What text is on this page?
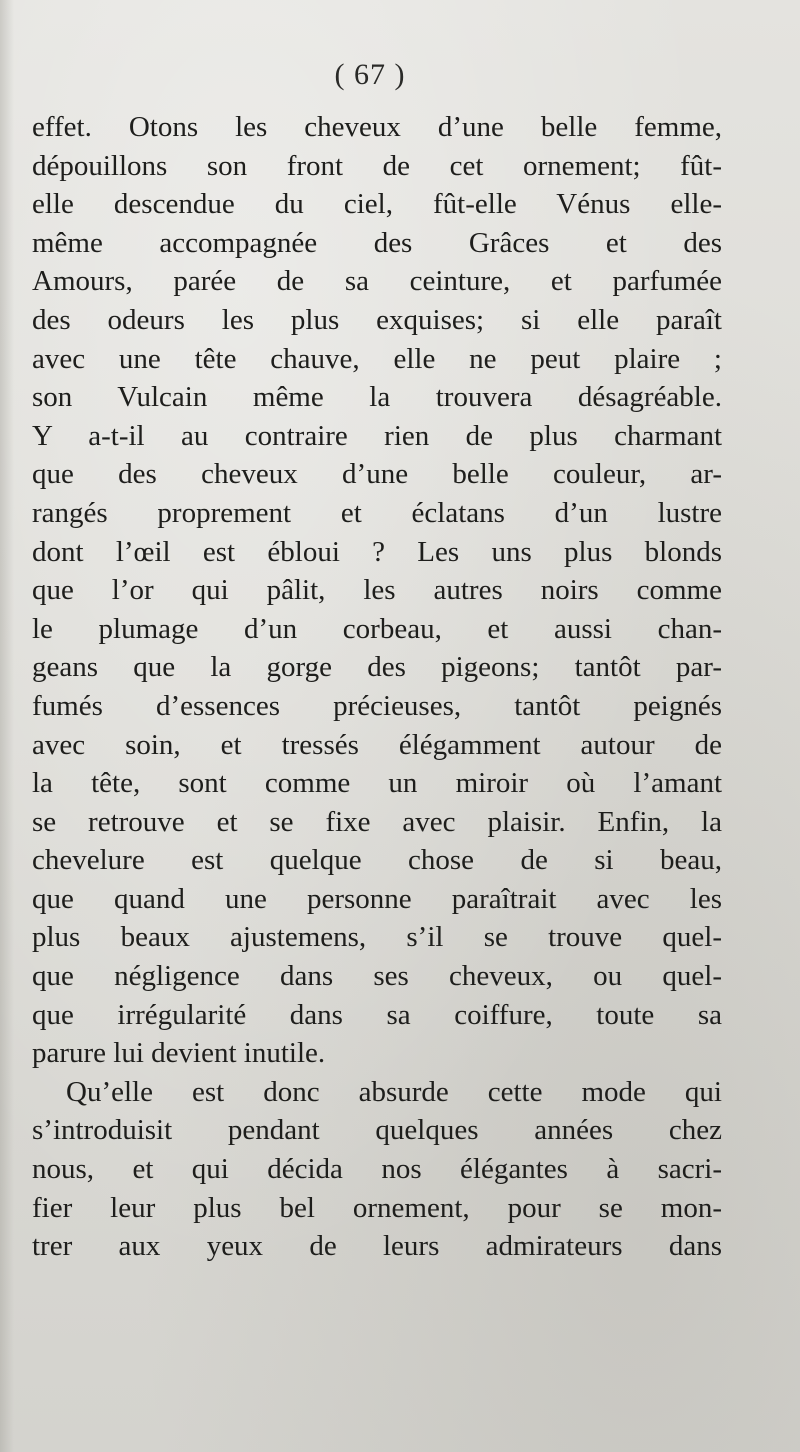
( 67 )
effet. Otons les cheveux d’une belle femme,
dépouillons son front de cet ornement; fût-
elle descendue du ciel, fût-elle Vénus elle-
même accompagnée des Grâces et des
Amours, parée de sa ceinture, et parfumée
des odeurs les plus exquises; si elle paraît
avec une tête chauve, elle ne peut plaire ;
son Vulcain même la trouvera désagréable.
Y a-t-il au contraire rien de plus charmant
que des cheveux d’une belle couleur, ar-
rangés proprement et éclatans d’un lustre
dont l’œil est ébloui ? Les uns plus blonds
que l’or qui pâlit, les autres noirs comme
le plumage d’un corbeau, et aussi chan-
geans que la gorge des pigeons; tantôt par-
fumés d’essences précieuses, tantôt peignés
avec soin, et tressés élégamment autour de
la tête, sont comme un miroir où l’amant
se retrouve et se fixe avec plaisir. Enfin, la
chevelure est quelque chose de si beau,
que quand une personne paraîtrait avec les
plus beaux ajustemens, s’il se trouve quel-
que négligence dans ses cheveux, ou quel-
que irrégularité dans sa coiffure, toute sa
parure lui devient inutile.
Qu’elle est donc absurde cette mode qui
s’introduisit pendant quelques années chez
nous, et qui décida nos élégantes à sacri-
fier leur plus bel ornement, pour se mon-
trer aux yeux de leurs admirateurs dans
